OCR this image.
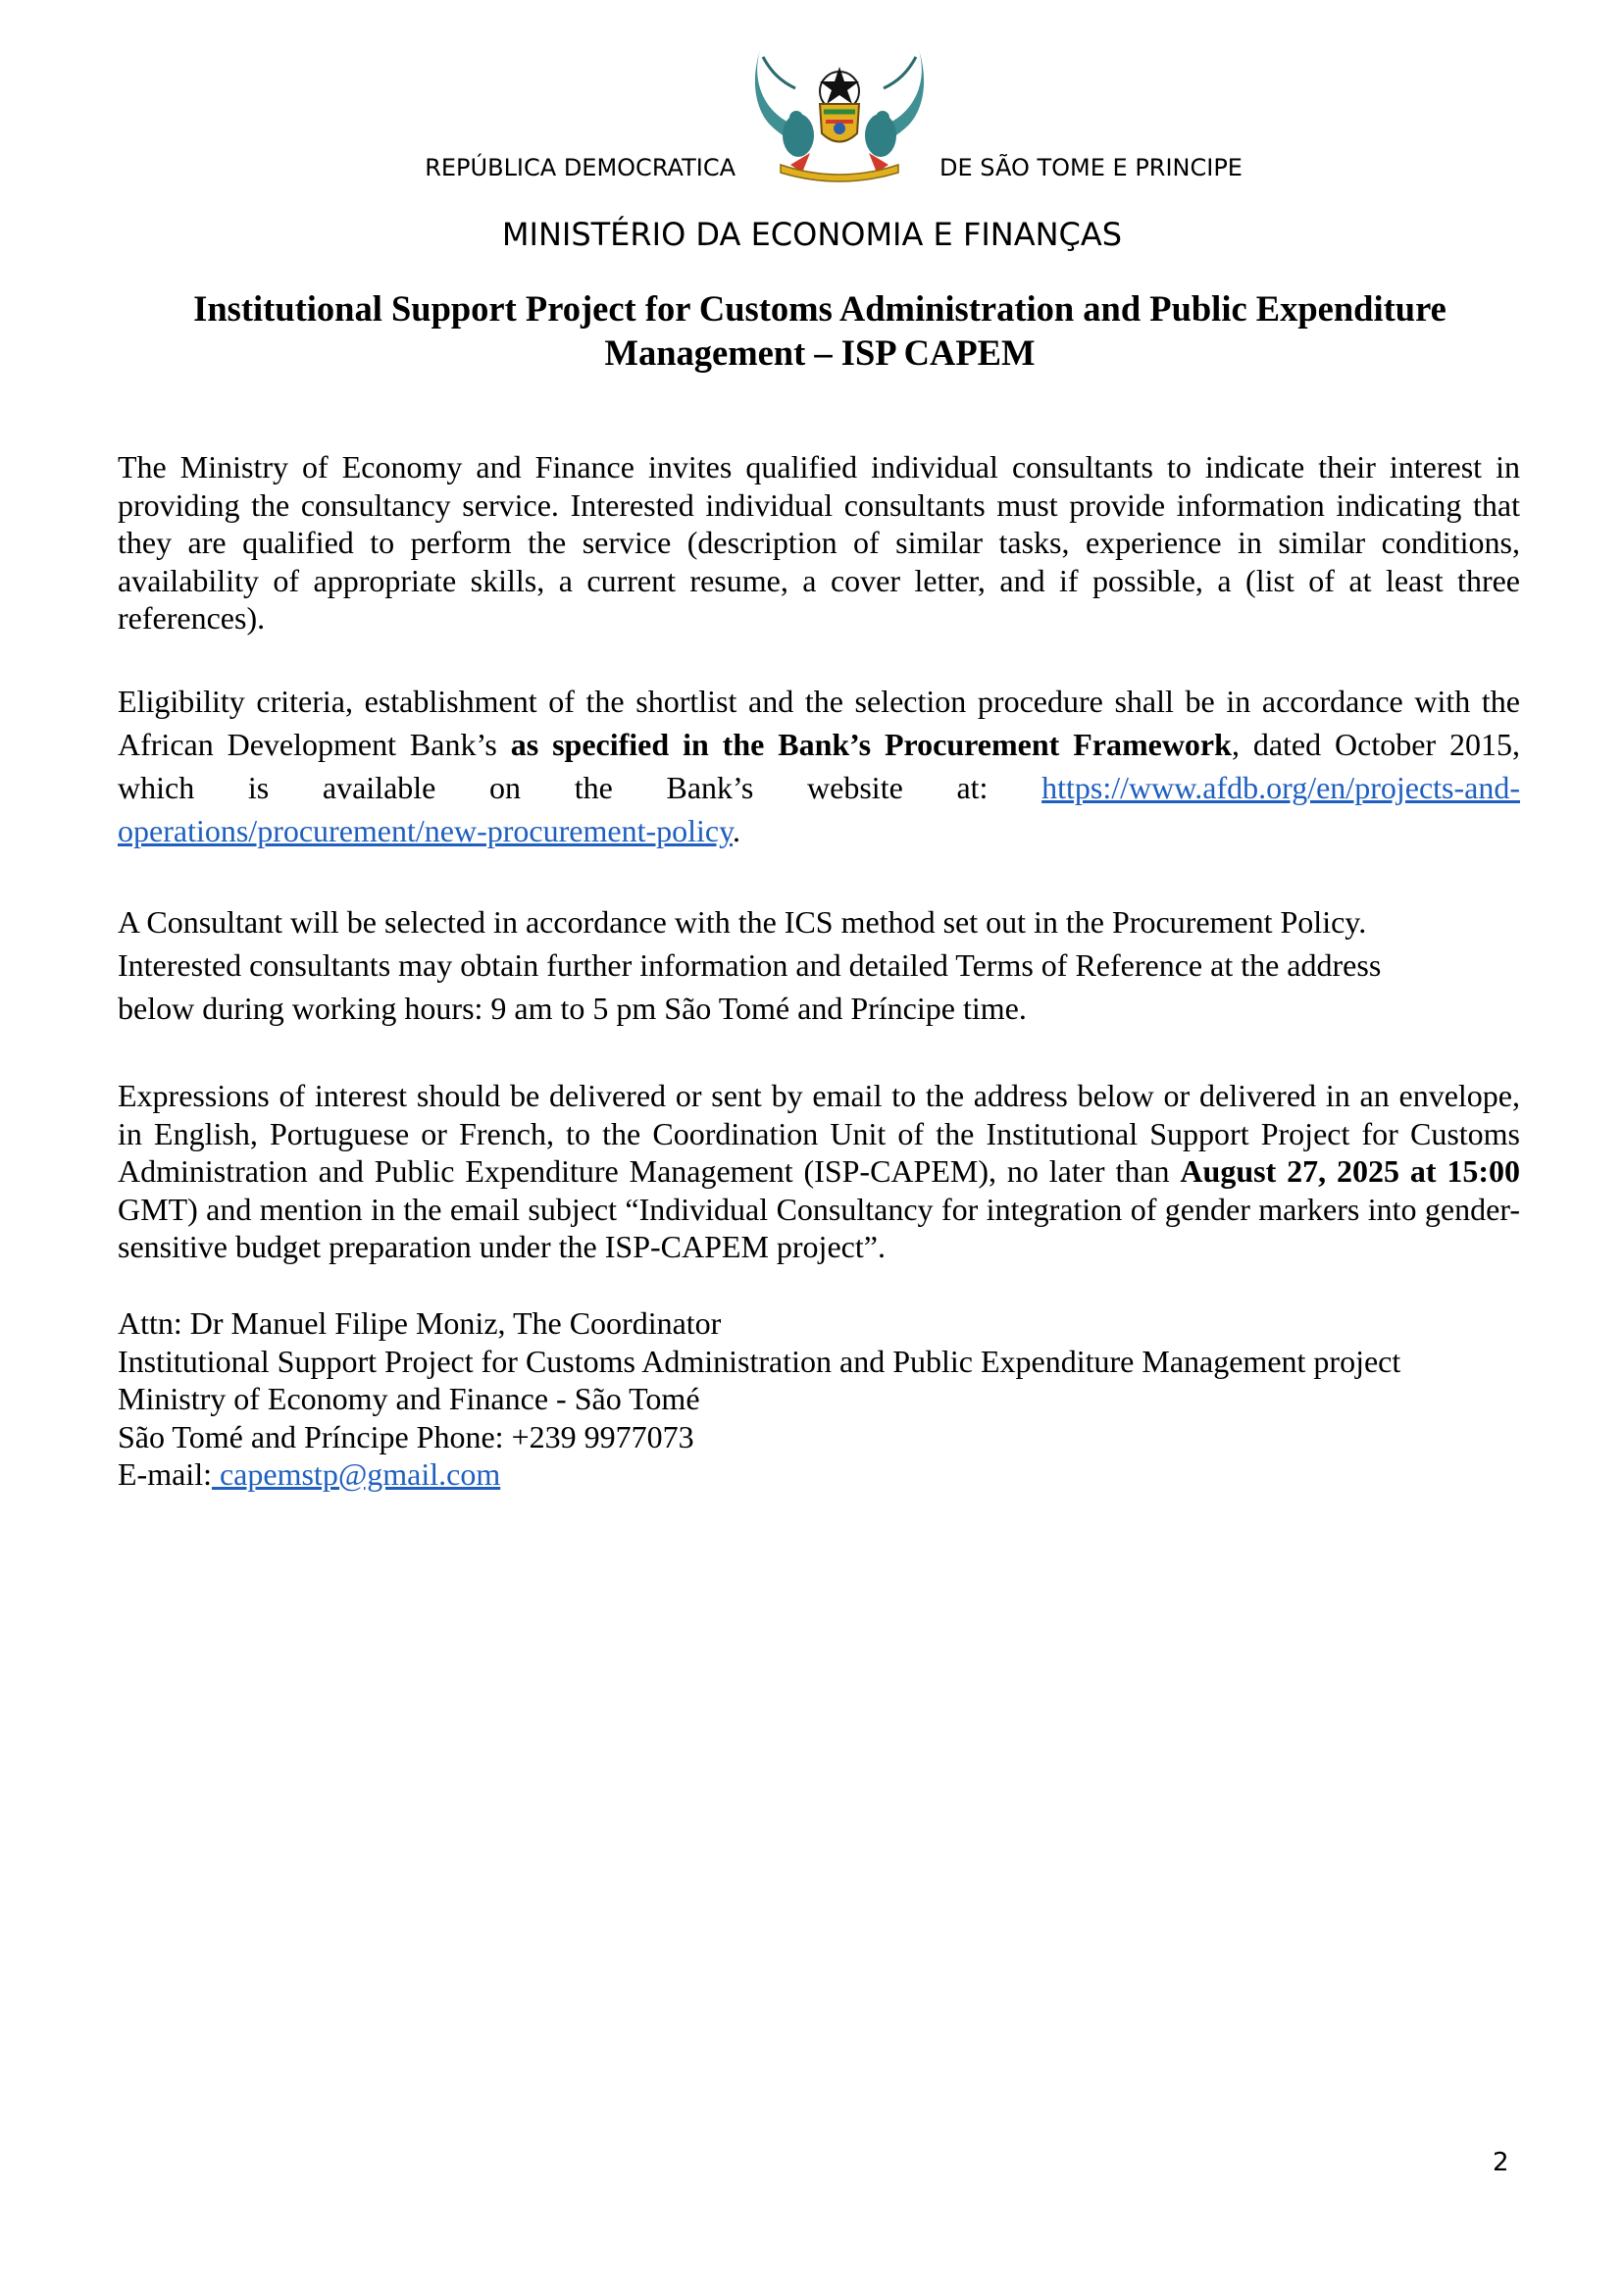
REPÚBLICA DEMOCRATICA	DE SÃO TOME E PRINCIPE
MINISTÉRIO DA ECONOMIA E FINANÇAS
Institutional Support Project for Customs Administration and Public Expenditure
Management – ISP CAPEM
The Ministry of Economy and Finance invites qualified individual consultants to indicate their interest in providing the consultancy service. Interested individual consultants must provide information indicating that they are qualified to perform the service (description of similar tasks, experience in similar conditions, availability of appropriate skills, a current resume, a cover letter, and if possible, a (list of at least three references).
Eligibility criteria, establishment of the shortlist and the selection procedure shall be in accordance with the African Development Bank’s as specified in the Bank’s Procurement Framework, dated October 2015, which is available on the Bank’s website at: https://www.afdb.org/en/projects-and-operations/procurement/new-procurement-policy.
A Consultant will be selected in accordance with the ICS method set out in the Procurement Policy.
Interested consultants may obtain further information and detailed Terms of Reference at the address
below during working hours: 9 am to 5 pm São Tomé and Príncipe time.
Expressions of interest should be delivered or sent by email to the address below or delivered in an envelope, in English, Portuguese or French, to the Coordination Unit of the Institutional Support Project for Customs Administration and Public Expenditure Management (ISP-CAPEM), no later than August 27, 2025 at 15:00 GMT) and mention in the email subject “Individual Consultancy for integration of gender markers into gender-sensitive budget preparation under the ISP-CAPEM project”.
Attn: Dr Manuel Filipe Moniz, The Coordinator
Institutional Support Project for Customs Administration and Public Expenditure Management project
Ministry of Economy and Finance - São Tomé
São Tomé and Príncipe Phone: +239 9977073
E-mail: capemstp@gmail.com
2
